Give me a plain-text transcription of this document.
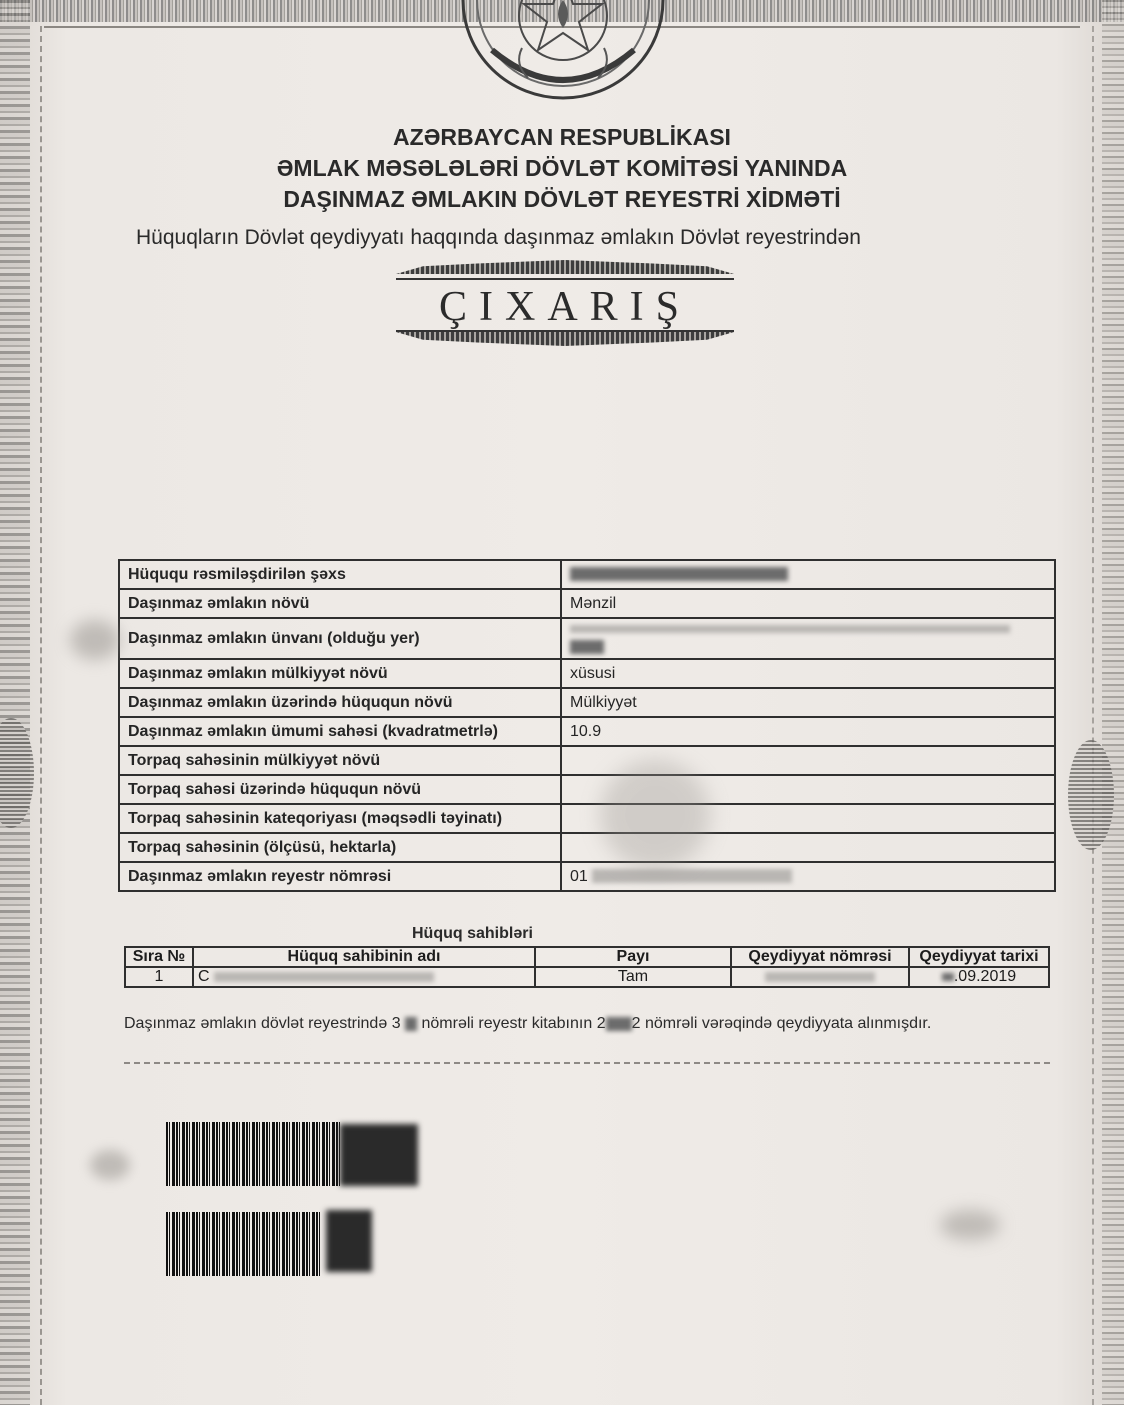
AZƏRBAYCAN RESPUBLİKASI
ƏMLAK MƏSƏLƏLƏRİ DÖVLƏT KOMİTƏSİ YANINDA
DAŞINMAZ ƏMLAKIN DÖVLƏT REYESTRİ XİDMƏTİ
Hüquqların Dövlət qeydiyyatı haqqında daşınmaz əmlakın Dövlət reyestrindən
ÇIXARIŞ
Hüququ rəsmiləşdirilən şəxs	
Daşınmaz əmlakın növü	Mənzil
Daşınmaz əmlakın ünvanı (olduğu yer)	

Daşınmaz əmlakın mülkiyyət növü	xüsusi
Daşınmaz əmlakın üzərində hüququn növü	Mülkiyyət
Daşınmaz əmlakın ümumi sahəsi (kvadratmetrlə)	10.9
Torpaq sahəsinin mülkiyyət növü	
Torpaq sahəsi üzərində hüququn növü	
Torpaq sahəsinin kateqoriyası (məqsədli təyinatı)	
Torpaq sahəsinin (ölçüsü, hektarla)	
Daşınmaz əmlakın reyestr nömrəsi	01
Hüquq sahibləri
Sıra №	Hüquq sahibinin adı	Payı	Qeydiyyat nömrəsi	Qeydiyyat tarixi
1	C	Tam		.09.2019
Daşınmaz əmlakın dövlət reyestrində 3 nömrəli reyestr kitabının 2 2 nömrəli vərəqində qeydiyyata alınmışdır.
